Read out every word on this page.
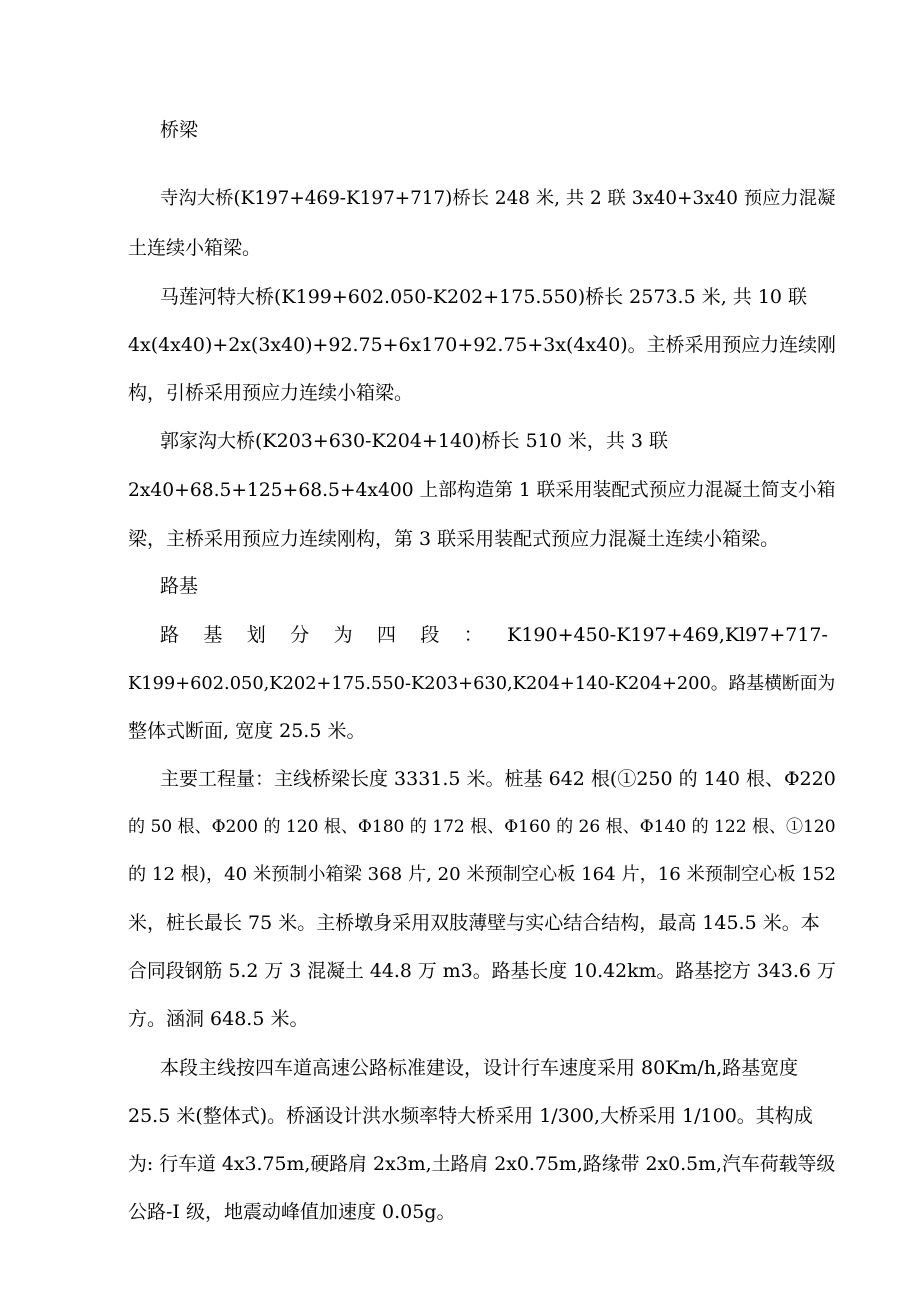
桥梁
寺沟大桥(K197+469-K197+717)桥长 248 米, 共 2 联 3x40+3x40 预应力混凝
土连续小箱梁。
马莲河特大桥(K199+602.050-K202+175.550)桥长 2573.5 米, 共 10 联
4x(4x40)+2x(3x40)+92.75+6x170+92.75+3x(4x40)。主桥采用预应力连续刚
构，引桥采用预应力连续小箱梁。
郭家沟大桥(K203+630-K204+140)桥长 510 米，共 3 联
2x40+68.5+125+68.5+4x400 上部构造第 1 联采用装配式预应力混凝土简支小箱
梁，主桥采用预应力连续刚构，第 3 联采用装配式预应力混凝土连续小箱梁。
路基
路 基 划 分 为 四 段 ： K190+450-K197+469,Kl97+717-
K199+602.050,K202+175.550-K203+630,K204+140-K204+200。路基横断面为
整体式断面, 宽度 25.5 米。
主要工程量：主线桥梁长度 3331.5 米。桩基 642 根(①250 的 140 根、Φ220
的 50 根、Φ200 的 120 根、Φ180 的 172 根、Φ160 的 26 根、Φ140 的 122 根、①120
的 12 根)，40 米预制小箱梁 368 片, 20 米预制空心板 164 片，16 米预制空心板 152
米，桩长最长 75 米。主桥墩身采用双肢薄壁与实心结合结构，最高 145.5 米。本
合同段钢筋 5.2 万 3 混凝土 44.8 万 m3。路基长度 10.42km。路基挖方 343.6 万
方。涵洞 648.5 米。
本段主线按四车道高速公路标准建设，设计行车速度采用 80Km/h,路基宽度
25.5 米(整体式)。桥涵设计洪水频率特大桥采用 1/300,大桥采用 1/100。其构成
为: 行车道 4x3.75m,硬路肩 2x3m,土路肩 2x0.75m,路缘带 2x0.5m,汽车荷载等级
公路-I 级，地震动峰值加速度 0.05g。
